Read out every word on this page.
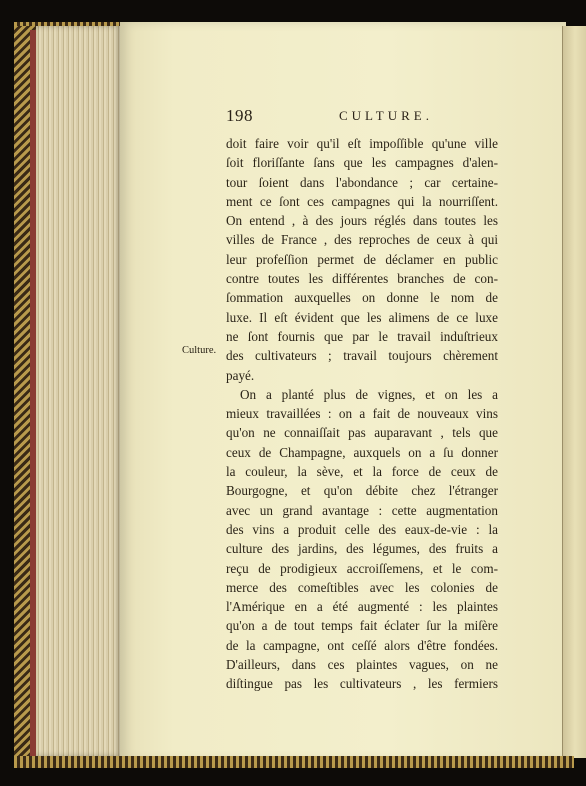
198	CULTURE.
Culture.
doit faire voir qu'il eſt impoſſible qu'une ville
ſoit floriſſante ſans que les campagnes d'alen-
tour ſoient dans l'abondance ; car certaine-
ment ce ſont ces campagnes qui la nourriſſent.
On entend , à des jours réglés dans toutes les
villes de France , des reproches de ceux à qui
leur profeſſion permet de déclamer en public
contre toutes les différentes branches de con-
ſommation auxquelles on donne le nom de
luxe. Il eſt évident que les alimens de ce luxe
ne ſont fournis que par le travail induſtrieux
des cultivateurs ; travail toujours chèrement
payé.
On a planté plus de vignes, et on les a
mieux travaillées : on a fait de nouveaux vins
qu'on ne connaiſſait pas auparavant , tels que
ceux de Champagne, auxquels on a ſu donner
la couleur, la sève, et la force de ceux de
Bourgogne, et qu'on débite chez l'étranger
avec un grand avantage : cette augmentation
des vins a produit celle des eaux-de-vie : la
culture des jardins, des légumes, des fruits a
reçu de prodigieux accroiſſemens, et le com-
merce des comeſtibles avec les colonies de
l'Amérique en a été augmenté : les plaintes
qu'on a de tout temps fait éclater ſur la miſère
de la campagne, ont ceſſé alors d'être fondées.
D'ailleurs, dans ces plaintes vagues, on ne
diſtingue pas les cultivateurs , les fermiers
